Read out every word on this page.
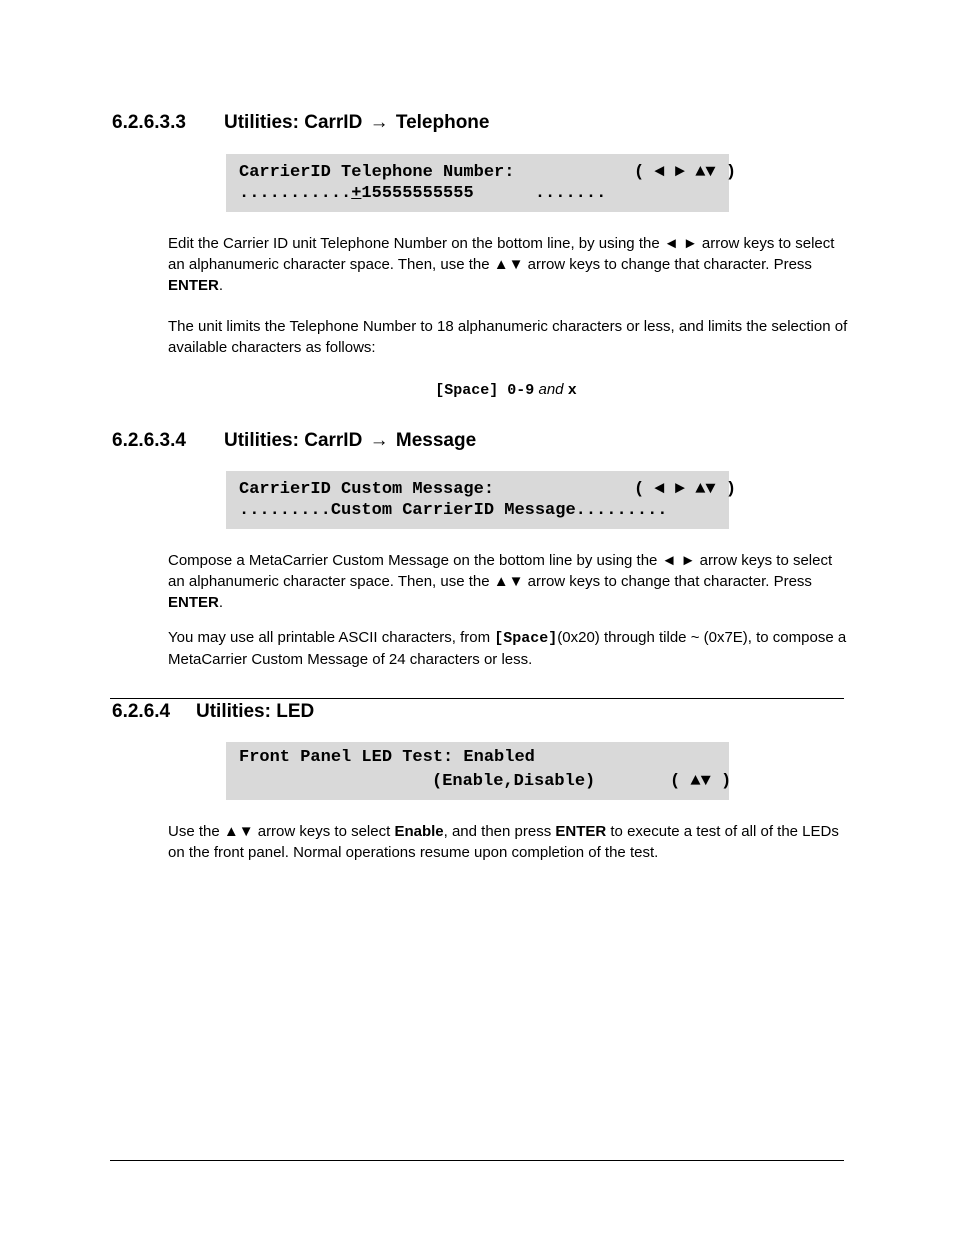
6.2.6.3.3 Utilities: CarrID → Telephone
CarrierID Telephone Number:	( ◄ ► ▲▼ )
...........+15555555555	.......

Edit the Carrier ID unit Telephone Number on the bottom line, by using the ◄ ► arrow keys to select an alphanumeric character space. Then, use the ▲▼ arrow keys to change that character. Press ENTER.

The unit limits the Telephone Number to 18 alphanumeric characters or less, and limits the selection of available characters as follows:

[Space] 0-9 and x
6.2.6.3.4 Utilities: CarrID → Message
CarrierID Custom Message:	( ◄ ► ▲▼ )
.........Custom CarrierID Message.........

Compose a MetaCarrier Custom Message on the bottom line by using the ◄ ► arrow keys to select an alphanumeric character space. Then, use the ▲▼ arrow keys to change that character. Press ENTER.

You may use all printable ASCII characters, from [Space](0x20) through tilde ~ (0x7E), to compose a MetaCarrier Custom Message of 24 characters or less.

6.2.6.4 Utilities: LED
Front Panel LED Test: Enabled
(Enable,Disable)	( ▲▼ )

Use the ▲▼ arrow keys to select Enable, and then press ENTER to execute a test of all of the LEDs on the front panel. Normal operations resume upon completion of the test.
